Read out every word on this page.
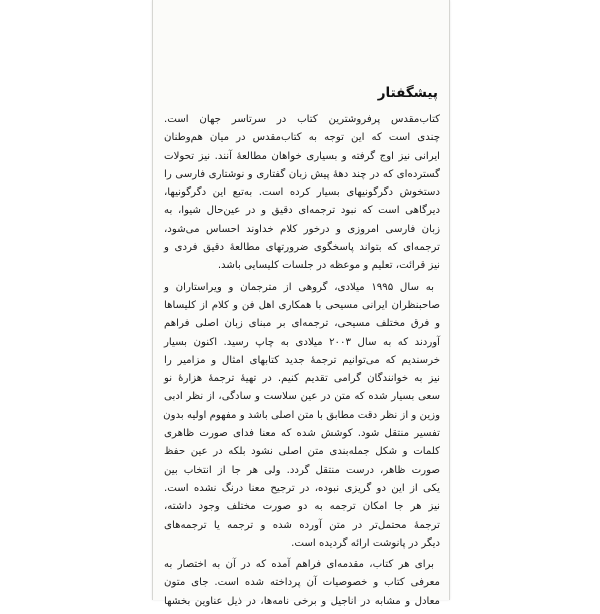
پیشگفتار
کتاب‌مقدس پرفروشترین کتاب در سرتاسر جهان است.
چندی است که این توجه به کتاب‌مقدس در میان هم‌وطنان
ایرانی نیز اوج گرفته و بسیاری خواهان مطالعهٔ آنند. نیز تحولات
گسترده‌ای که در چند دههٔ پیش زبان گفتاری و نوشتاری فارسی را
دستخوش دگرگونیهای بسیار کرده است. به‌تبع این دگرگونیها،
دیرگاهی است که نبود ترجمه‌ای دقیق و در عین‌حال شیوا، به
زبان فارسی امروزی و درخور کلام خداوند احساس می‌شود،
ترجمه‌ای که بتواند پاسخگوی ضرورتهای مطالعهٔ دقیق فردی و
نیز قرائت، تعلیم و موعظه در جلسات کلیسایی باشد.
به سال ۱۹۹۵ میلادی، گروهی از مترجمان و ویراستاران و
صاحبنظران ایرانی مسیحی با همکاری اهل فن و کلام از کلیساها
و فرق مختلف مسیحی، ترجمه‌ای بر مبنای زبان اصلی فراهم
آوردند که به سال ۲۰۰۳ میلادی به چاپ رسید. اکنون بسیار
خرسندیم که می‌توانیم ترجمهٔ جدید کتابهای امثال و مزامیر را
نیز به خوانندگان گرامی تقدیم کنیم. در تهیهٔ ترجمهٔ هزارهٔ نو
سعی بسیار شده که متن در عین سلاست و سادگی، از نظر ادبی
وزین و از نظر دقت مطابق با متن اصلی باشد و مفهوم اولیه بدون
تفسیر منتقل شود. کوشش شده که معنا فدای صورت ظاهری
کلمات و شکل جمله‌بندی متن اصلی نشود بلکه در عین حفظ
صورت ظاهر، درست منتقل گردد. ولی هر جا از انتخاب بین
یکی از این دو گریزی نبوده، در ترجیح معنا درنگ نشده است.
نیز هر جا امکان ترجمه به دو صورت مختلف وجود داشته،
ترجمهٔ محتمل‌تر در متن آورده شده و ترجمه یا ترجمه‌های
دیگر در پانوشت ارائه گردیده است.
برای هر کتاب، مقدمه‌ای فراهم آمده که در آن به اختصار به
معرفی کتاب و خصوصیات آن پرداخته شده است. جای متون
معادل و مشابه در اناجیل و برخی نامه‌ها، در ذیل عناوین بخشها
